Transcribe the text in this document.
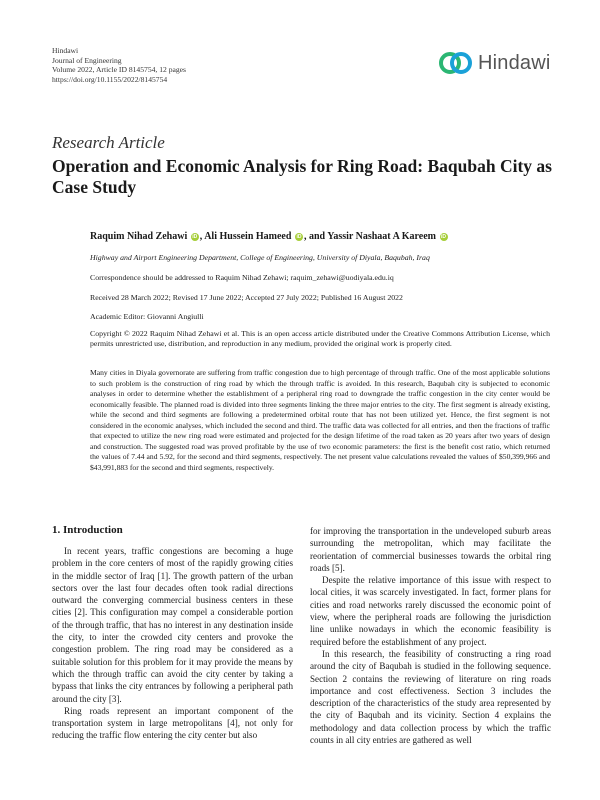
Hindawi
Journal of Engineering
Volume 2022, Article ID 8145754, 12 pages
https://doi.org/10.1155/2022/8145754
Hindawi
Research Article
Operation and Economic Analysis for Ring Road: Baqubah City as Case Study
Raquim Nihad Zehawi iD , Ali Hussein Hameed iD , and Yassir Nashaat A Kareem iD
Highway and Airport Engineering Department, College of Engineering, University of Diyala, Baqubah, Iraq
Correspondence should be addressed to Raquim Nihad Zehawi; raquim_zehawi@uodiyala.edu.iq
Received 28 March 2022; Revised 17 June 2022; Accepted 27 July 2022; Published 16 August 2022
Academic Editor: Giovanni Angiulli
Copyright © 2022 Raquim Nihad Zehawi et al. This is an open access article distributed under the Creative Commons Attribution License, which permits unrestricted use, distribution, and reproduction in any medium, provided the original work is properly cited.
Many cities in Diyala governorate are suffering from traffic congestion due to high percentage of through traffic. One of the most applicable solutions to such problem is the construction of ring road by which the through traffic is avoided. In this research, Baqubah city is subjected to economic analyses in order to determine whether the establishment of a peripheral ring road to downgrade the traffic congestion in the city center would be economically feasible. The planned road is divided into three segments linking the three major entries to the city. The first segment is already existing, while the second and third segments are following a predetermined orbital route that has not been utilized yet. Hence, the first segment is not considered in the economic analyses, which included the second and third. The traffic data was collected for all entries, and then the fractions of traffic that expected to utilize the new ring road were estimated and projected for the design lifetime of the road taken as 20 years after two years of design and construction. The suggested road was proved profitable by the use of two economic parameters: the first is the benefit cost ratio, which returned the values of 7.44 and 5.92, for the second and third segments, respectively. The net present value calculations revealed the values of $50,399,966 and $43,991,883 for the second and third segments, respectively.
1. Introduction

In recent years, traffic congestions are becoming a huge problem in the core centers of most of the rapidly growing cities in the middle sector of Iraq [1]. The growth pattern of the urban sectors over the last four decades often took radial directions outward the converging commercial business centers in these cities [2]. This configuration may compel a considerable portion of the through traffic, that has no interest in any destination inside the city, to inter the crowded city centers and provoke the congestion problem. The ring road may be considered as a suitable solution for this problem for it may provide the means by which the through traffic can avoid the city center by taking a bypass that links the city entrances by following a peripheral path around the city [3].

Ring roads represent an important component of the transportation system in large metropolitans [4], not only for reducing the traffic flow entering the city center but also

for improving the transportation in the undeveloped suburb areas surrounding the metropolitan, which may facilitate the reorientation of commercial businesses towards the orbital ring roads [5].

Despite the relative importance of this issue with respect to local cities, it was scarcely investigated. In fact, former plans for cities and road networks rarely discussed the economic point of view, where the peripheral roads are following the jurisdiction line unlike nowadays in which the economic feasibility is required before the establishment of any project.

In this research, the feasibility of constructing a ring road around the city of Baqubah is studied in the following sequence. Section 2 contains the reviewing of literature on ring roads importance and cost effectiveness. Section 3 includes the description of the characteristics of the study area represented by the city of Baqubah and its vicinity. Section 4 explains the methodology and data collection process by which the traffic counts in all city entries are gathered as well
